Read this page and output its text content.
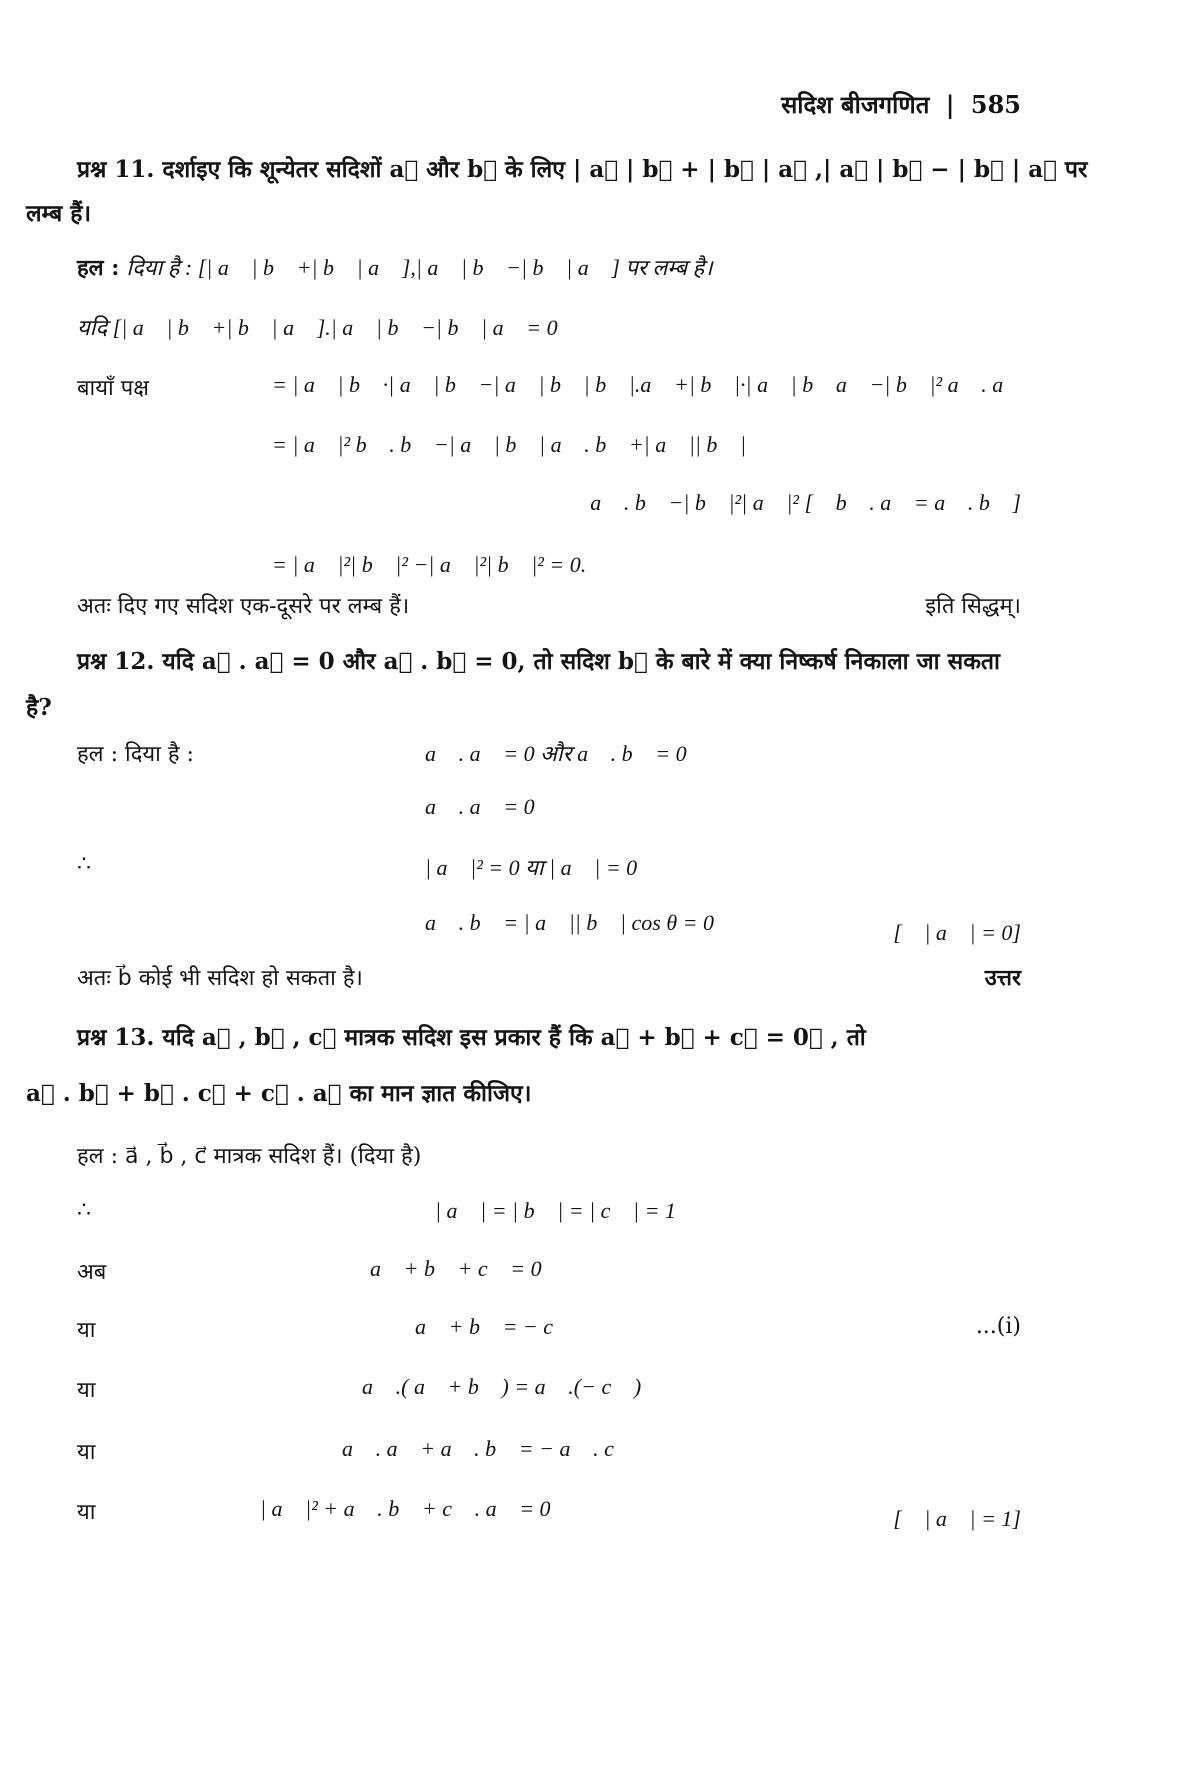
सदिश बीजगणित | 585
प्रश्न 11. दर्शाइए कि शून्येतर सदिशों a⃗ और b⃗ के लिए | a⃗ | b⃗ + | b⃗ | a⃗ ,| a⃗ | b⃗ − | b⃗ | a⃗ पर
लम्ब हैं।
हल : दिया है : [| a⃗ | b⃗ +| b⃗ | a⃗ ],| a⃗ | b⃗ −| b⃗ | a⃗ ] पर लम्ब है।
यदि [| a⃗ | b⃗ +| b⃗ | a⃗ ].| a⃗ | b⃗ −| b⃗ | a⃗ = 0
बायाँ पक्ष	= | a⃗ | b⃗ ·| a⃗ | b⃗ −| a⃗ | b⃗ | b⃗ |.a⃗ +| b⃗ |·| a⃗ | b⃗ a⃗ −| b⃗ |² a⃗ . a⃗
= | a⃗ |² b⃗ . b⃗ −| a⃗ | b⃗ | a⃗ . b⃗ +| a⃗ || b⃗ |
a⃗ . b⃗ −| b⃗ |²| a⃗ |² [∵ b⃗ . a⃗ = a⃗ . b⃗ ]
= | a⃗ |²| b⃗ |² −| a⃗ |²| b⃗ |² = 0.
अतः दिए गए सदिश एक-दूसरे पर लम्ब हैं।	इति सिद्धम्।
प्रश्न 12. यदि a⃗ . a⃗ = 0 और a⃗ . b⃗ = 0, तो सदिश b⃗ के बारे में क्या निष्कर्ष निकाला जा सकता
है?
हल : दिया है :	a⃗ . a⃗ = 0 और a⃗ . b⃗ = 0
a⃗ . a⃗ = 0
∴	| a⃗ |² = 0 या | a⃗ | = 0
a⃗ . b⃗ = | a⃗ || b⃗ | cos θ = 0	[∵ | a⃗ | = 0]
अतः b⃗ कोई भी सदिश हो सकता है।	उत्तर
प्रश्न 13. यदि a⃗ , b⃗ , c⃗ मात्रक सदिश इस प्रकार हैं कि a⃗ + b⃗ + c⃗ = 0⃗ , तो
a⃗ . b⃗ + b⃗ . c⃗ + c⃗ . a⃗ का मान ज्ञात कीजिए।
हल : a⃗ , b⃗ , c⃗ मात्रक सदिश हैं। (दिया है)
∴	| a⃗ | = | b⃗ | = | c⃗ | = 1
अब	a⃗ + b⃗ + c⃗ = 0
या	a⃗ + b⃗ = − c⃗	...(i)
या	a⃗ .( a⃗ + b⃗ ) = a⃗ .(− c⃗ )
या	a⃗ . a⃗ + a⃗ . b⃗ = − a⃗ . c⃗
या	| a⃗ |² + a⃗ . b⃗ + c⃗ . a⃗ = 0	[∵ | a⃗ | = 1]
